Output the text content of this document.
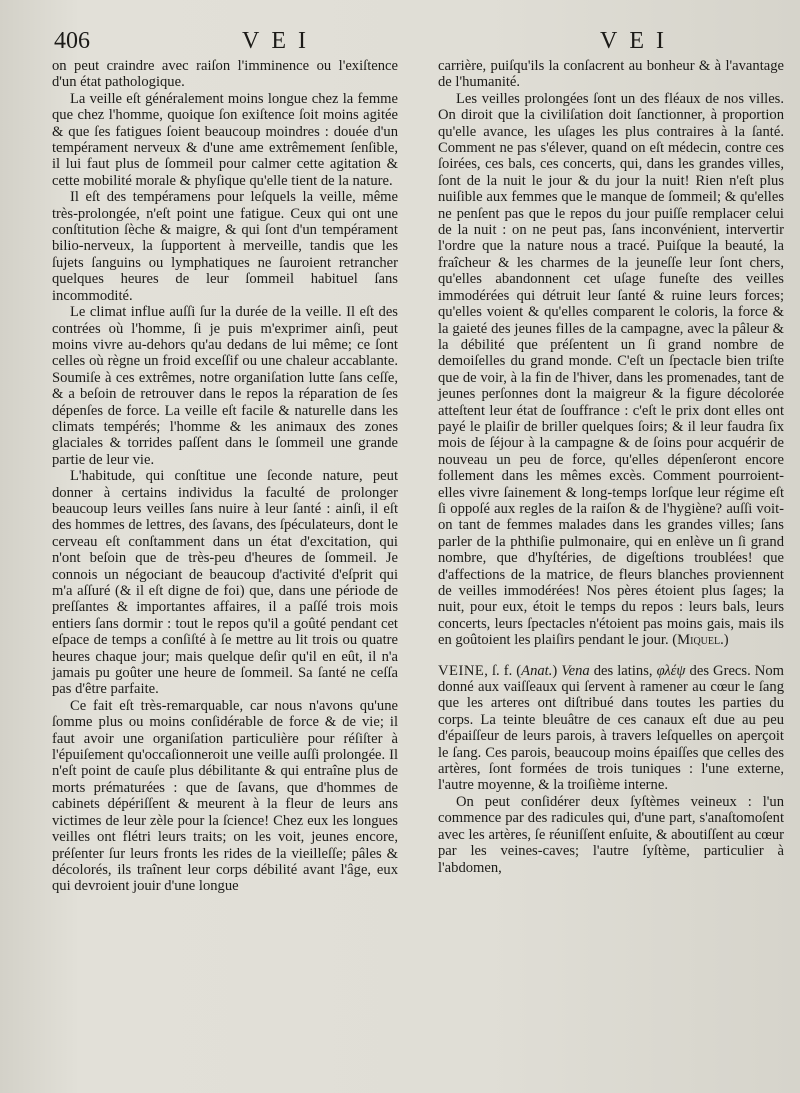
406	VEI	VEI

on peut craindre avec raiſon l'imminence ou l'exiſtence d'un état pathologique.

La veille eſt généralement moins longue chez la femme que chez l'homme, quoique ſon exiſtence ſoit moins agitée & que ſes fatigues ſoient beaucoup moindres : douée d'un tempérament nerveux & d'une ame extrêmement ſenſible, il lui faut plus de ſommeil pour calmer cette agitation & cette mobilité morale & phyſique qu'elle tient de la nature.

Il eſt des tempéramens pour leſquels la veille, même très-prolongée, n'eſt point une fatigue. Ceux qui ont une conſtitution ſèche & maigre, & qui ſont d'un tempérament bilio-nerveux, la ſupportent à merveille, tandis que les ſujets ſanguins ou lymphatiques ne ſauroient retrancher quelques heures de leur ſommeil habituel ſans incommodité.

Le climat influe auſſi ſur la durée de la veille. Il eſt des contrées où l'homme, ſi je puis m'exprimer ainſi, peut moins vivre au-dehors qu'au dedans de lui même; ce ſont celles où règne un froid exceſſif ou une chaleur accablante. Soumiſe à ces extrêmes, notre organiſation lutte ſans ceſſe, & a beſoin de retrouver dans le repos la réparation de ſes dépenſes de force. La veille eſt facile & naturelle dans les climats tempérés; l'homme & les animaux des zones glaciales & torrides paſſent dans le ſommeil une grande partie de leur vie.

L'habitude, qui conſtitue une ſeconde nature, peut donner à certains individus la faculté de prolonger beaucoup leurs veilles ſans nuire à leur ſanté : ainſi, il eſt des hommes de lettres, des ſavans, des ſpéculateurs, dont le cerveau eſt conſtamment dans un état d'excitation, qui n'ont beſoin que de très-peu d'heures de ſommeil. Je connois un négociant de beaucoup d'activité d'eſprit qui m'a aſſuré (& il eſt digne de foi) que, dans une période de preſſantes & importantes affaires, il a paſſé trois mois entiers ſans dormir : tout le repos qu'il a goûté pendant cet eſpace de temps a conſiſté à ſe mettre au lit trois ou quatre heures chaque jour; mais quelque deſir qu'il en eût, il n'a jamais pu goûter une heure de ſommeil. Sa ſanté ne ceſſa pas d'être parfaite.

Ce fait eſt très-remarquable, car nous n'avons qu'une ſomme plus ou moins conſidérable de force & de vie; il faut avoir une organiſation particulière pour réſiſter à l'épuiſement qu'occaſionneroit une veille auſſi prolongée. Il n'eſt point de cauſe plus débilitante & qui entraîne plus de morts prématurées : que de ſavans, que d'hommes de cabinets dépériſſent & meurent à la fleur de leurs ans victimes de leur zèle pour la ſcience! Chez eux les longues veilles ont flétri leurs traits; on les voit, jeunes encore, préſenter ſur leurs fronts les rides de la vieilleſſe; pâles & décolorés, ils traînent leur corps débilité avant l'âge, eux qui devroient jouir d'une longue

carrière, puiſqu'ils la conſacrent au bonheur & à l'avantage de l'humanité.

Les veilles prolongées ſont un des fléaux de nos villes. On diroit que la civiliſation doit ſanctionner, à proportion qu'elle avance, les uſages les plus contraires à la ſanté. Comment ne pas s'élever, quand on eſt médecin, contre ces ſoirées, ces bals, ces concerts, qui, dans les grandes villes, ſont de la nuit le jour & du jour la nuit! Rien n'eſt plus nuiſible aux femmes que le manque de ſommeil; & qu'elles ne penſent pas que le repos du jour puiſſe remplacer celui de la nuit : on ne peut pas, ſans inconvénient, intervertir l'ordre que la nature nous a tracé. Puiſque la beauté, la fraîcheur & les charmes de la jeuneſſe leur ſont chers, qu'elles abandonnent cet uſage funeſte des veilles immodérées qui détruit leur ſanté & ruine leurs forces; qu'elles voient & qu'elles comparent le coloris, la force & la gaieté des jeunes filles de la campagne, avec la pâleur & la débilité que préſentent un ſi grand nombre de demoiſelles du grand monde. C'eſt un ſpectacle bien triſte que de voir, à la fin de l'hiver, dans les promenades, tant de jeunes perſonnes dont la maigreur & la figure décolorée atteſtent leur état de ſouffrance : c'eſt le prix dont elles ont payé le plaiſir de briller quelques ſoirs; & il leur faudra ſix mois de ſéjour à la campagne & de ſoins pour acquérir de nouveau un peu de force, qu'elles dépenſeront encore follement dans les mêmes excès. Comment pourroient-elles vivre ſainement & long-temps lorſque leur régime eſt ſi oppoſé aux regles de la raiſon & de l'hygiène? auſſi voit-on tant de femmes malades dans les grandes villes; ſans parler de la phthiſie pulmonaire, qui en enlève un ſi grand nombre, que d'hyſtéries, de digeſtions troublées! que d'affections de la matrice, de fleurs blanches proviennent de veilles immodérées! Nos pères étoient plus ſages; la nuit, pour eux, étoit le temps du repos : leurs bals, leurs concerts, leurs ſpectacles n'étoient pas moins gais, mais ils en goûtoient les plaiſirs pendant le jour. (Miquel.)

VEINE, ſ. f. (Anat.) Vena des latins, φλέψ des Grecs. Nom donné aux vaiſſeaux qui ſervent à ramener au cœur le ſang que les arteres ont diſtribué dans toutes les parties du corps. La teinte bleuâtre de ces canaux eſt due au peu d'épaiſſeur de leurs parois, à travers leſquelles on aperçoit le ſang. Ces parois, beaucoup moins épaiſſes que celles des artères, ſont formées de trois tuniques : l'une externe, l'autre moyenne, & la troiſième interne.

On peut conſidérer deux ſyſtèmes veineux : l'un commence par des radicules qui, d'une part, s'anaſtomoſent avec les artères, ſe réuniſſent enſuite, & aboutiſſent au cœur par les veines-caves; l'autre ſyſtème, particulier à l'abdomen,
